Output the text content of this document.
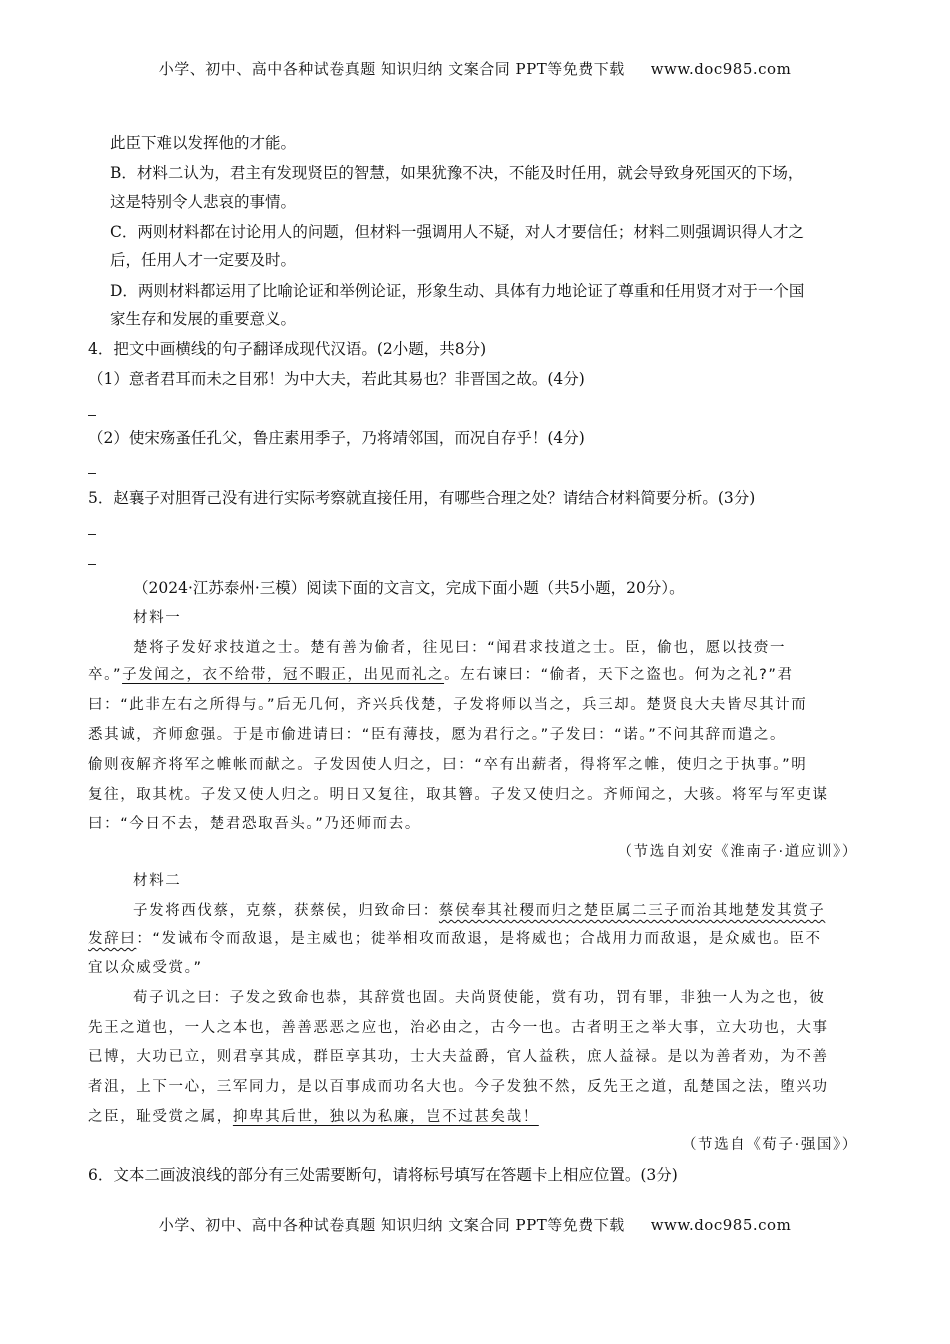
小学、初中、高中各种试卷真题 知识归纳 文案合同 PPT等免费下载 www.doc985.com
此臣下难以发挥他的才能。
B．材料二认为，君主有发现贤臣的智慧，如果犹豫不决，不能及时任用，就会导致身死国灭的下场，
这是特别令人悲哀的事情。
C．两则材料都在讨论用人的问题，但材料一强调用人不疑，对人才要信任；材料二则强调识得人才之
后，任用人才一定要及时。
D．两则材料都运用了比喻论证和举例论证，形象生动、具体有力地论证了尊重和任用贤才对于一个国
家生存和发展的重要意义。
4．把文中画横线的句子翻译成现代汉语。(2小题，共8分)
（1）意者君耳而未之目邪！为中大夫，若此其易也？非晋国之故。(4分)
（2）使宋殇蚤任孔父，鲁庄素用季子，乃将靖邻国，而况自存乎！(4分)
5．赵襄子对胆胥己没有进行实际考察就直接任用，有哪些合理之处？请结合材料简要分析。(3分)
（2024·江苏泰州·三模）阅读下面的文言文，完成下面小题（共5小题，20分）。
材料一
楚将子发好求技道之士。楚有善为偷者，往见曰：“闻君求技道之士。臣，偷也，愿以技赍一
卒。”子发闻之，衣不给带，冠不暇正，出见而礼之。左右谏曰：“偷者，天下之盗也。何为之礼?”君
曰：“此非左右之所得与。”后无几何，齐兴兵伐楚，子发将师以当之，兵三却。楚贤良大夫皆尽其计而
悉其诚，齐师愈强。于是市偷进请曰：“臣有薄技，愿为君行之。”子发曰：“诺。”不问其辞而遣之。
偷则夜解齐将军之帷帐而献之。子发因使人归之，曰：“卒有出薪者，得将军之帷，使归之于执事。”明
复往，取其枕。子发又使人归之。明日又复往，取其簪。子发又使归之。齐师闻之，大骇。将军与军吏谋
曰：“今日不去，楚君恐取吾头。”乃还师而去。
（节选自刘安《淮南子·道应训》）
材料二
子发将西伐蔡，克蔡，获蔡侯，归致命曰：蔡侯奉其社稷而归之楚臣属二三子而治其地楚发其赏子
发辞曰：“发诫布令而敌退，是主威也；徙举相攻而敌退，是将威也；合战用力而敌退，是众威也。臣不
宜以众威受赏。”
荀子讥之曰：子发之致命也恭，其辞赏也固。夫尚贤使能，赏有功，罚有罪，非独一人为之也，彼
先王之道也，一人之本也，善善恶恶之应也，治必由之，古今一也。古者明王之举大事，立大功也，大事
已博，大功已立，则君享其成，群臣享其功，士大夫益爵，官人益秩，庶人益禄。是以为善者劝，为不善
者沮，上下一心，三军同力，是以百事成而功名大也。今子发独不然，反先王之道，乱楚国之法，堕兴功
之臣，耻受赏之属，抑卑其后世，独以为私廉，岂不过甚矣哉！
（节选自《荀子·强国》）
6．文本二画波浪线的部分有三处需要断句，请将标号填写在答题卡上相应位置。(3分)
小学、初中、高中各种试卷真题 知识归纳 文案合同 PPT等免费下载 www.doc985.com
